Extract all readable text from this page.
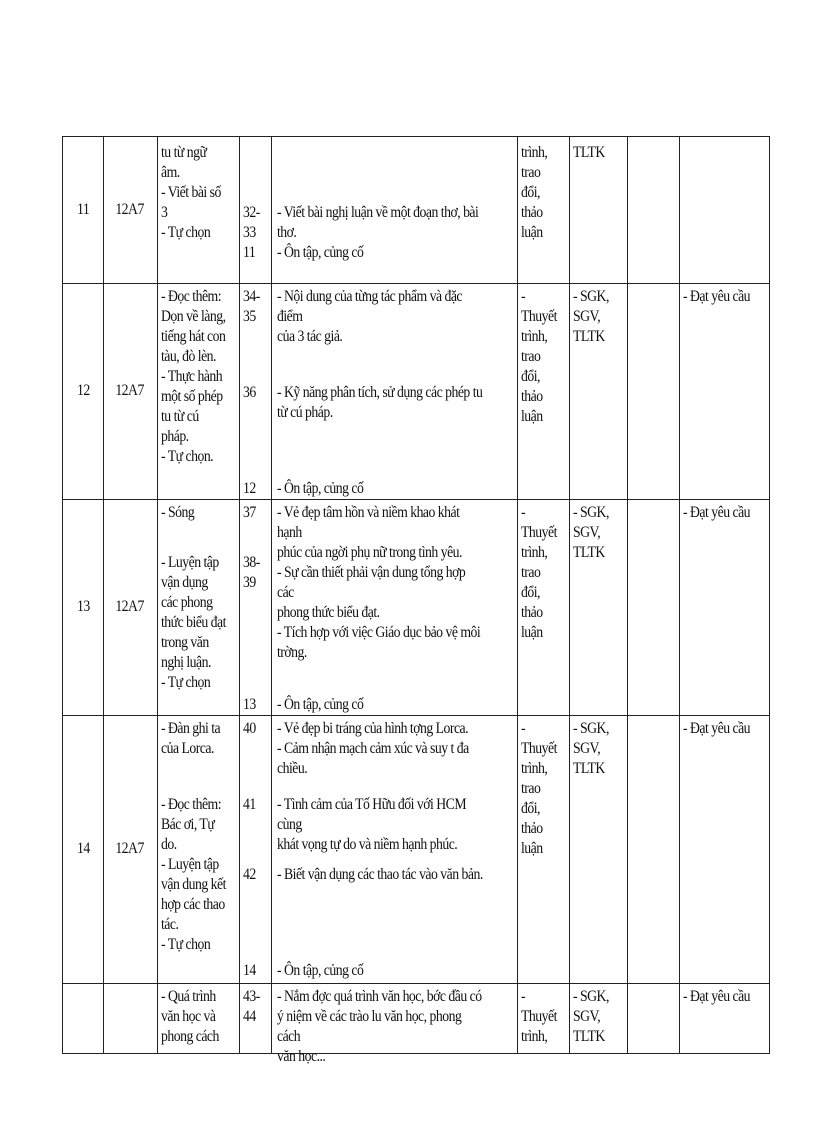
11 12A7
tu từ ngữ
âm.
- Viết bài số
3
- Tự chọn
32-
33
11
- Viết bài nghị luận về một đoạn thơ, bài
thơ.
- Ôn tập, củng cố
trình,
trao
đổi,
thảo
luận
TLTK
12 12A7
- Đọc thêm:
Dọn về làng,
tiếng hát con
tàu, đò lèn.
- Thực hành
một số phép
tu từ cú
pháp.
- Tự chọn.
34-
35
36
12
- Nội dung của từng tác phẩm và đặc điểm
của 3 tác giả.
- Kỹ năng phân tích, sử dụng các phép tu
từ cú pháp.
- Ôn tập, củng cố
-
Thuyết
trình,
trao
đổi,
thảo
luận
- SGK,
SGV,
TLTK
- Đạt yêu cầu
13 12A7
- Sóng
- Luyện tập
vận dụng
các phong
thức biểu đạt
trong văn
nghị luận.
- Tự chọn
37
38-
39
13
- Vẻ đẹp tâm hồn và niềm khao khát hạnh
phúc của ngời phụ nữ trong tình yêu.
- Sự cần thiết phải vận dung tổng hợp các
phong thức biểu đạt.
- Tích hợp với việc Giáo dục bảo vệ môi
trờng.
- Ôn tập, củng cố
-
Thuyết
trình,
trao
đổi,
thảo
luận
- SGK,
SGV,
TLTK
- Đạt yêu cầu
14 12A7
- Đàn ghi ta
của Lorca.
- Đọc thêm:
Bác ơi, Tự
do.
- Luyện tập
vận dung kết
hợp các thao
tác.
- Tự chọn
40
41
42
14
- Vẻ đẹp bi tráng của hình tợng Lorca.
- Cảm nhận mạch cảm xúc và suy t đa
chiều.
- Tình cảm của Tố Hữu đối với HCM cùng
khát vọng tự do và niềm hạnh phúc.
- Biết vận dụng các thao tác vào văn bản.
- Ôn tập, củng cố
-
Thuyết
trình,
trao
đổi,
thảo
luận
- SGK,
SGV,
TLTK
- Đạt yêu cầu
- Quá trình
văn học và
phong cách
43-
44
- Nắm đợc quá trình văn học, bớc đầu có
ý niệm về các trào lu văn học, phong cách
văn học...
-
Thuyết
trình,
- SGK,
SGV,
TLTK
- Đạt yêu cầu
